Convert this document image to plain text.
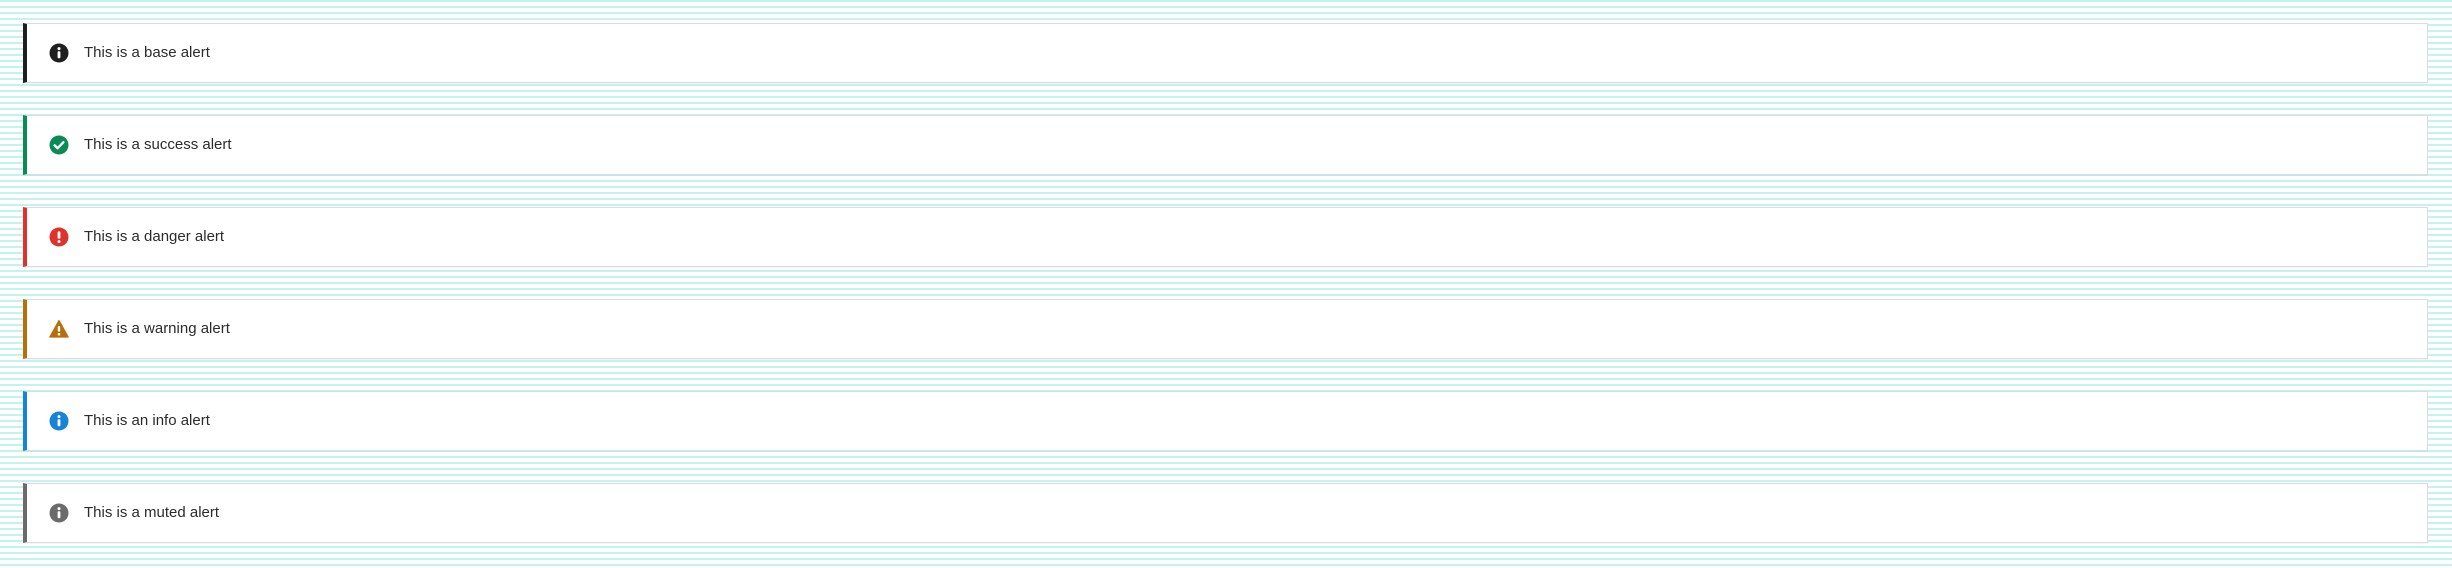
This is a base alert
This is a success alert
This is a danger alert
This is a warning alert
This is an info alert
This is a muted alert
